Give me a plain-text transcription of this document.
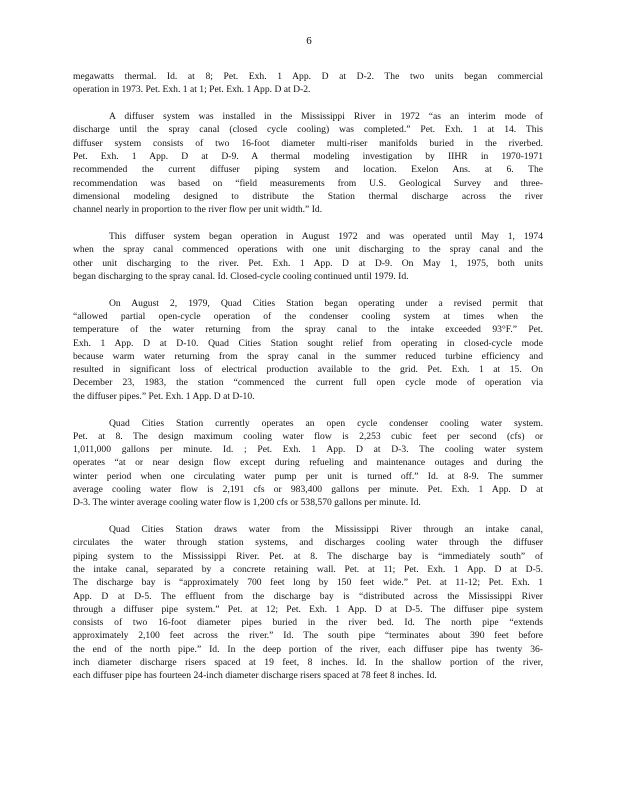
6
megawatts thermal. Id. at 8; Pet. Exh. 1 App. D at D-2. The two units began commercial
operation in 1973. Pet. Exh. 1 at 1; Pet. Exh. 1 App. D at D-2.
A diffuser system was installed in the Mississippi River in 1972 “as an interim mode of
discharge until the spray canal (closed cycle cooling) was completed.” Pet. Exh. 1 at 14. This
diffuser system consists of two 16-foot diameter multi-riser manifolds buried in the riverbed.
Pet. Exh. 1 App. D at D-9. A thermal modeling investigation by IIHR in 1970-1971
recommended the current diffuser piping system and location. Exelon Ans. at 6. The
recommendation was based on “field measurements from U.S. Geological Survey and three-
dimensional modeling designed to distribute the Station thermal discharge across the river
channel nearly in proportion to the river flow per unit width.” Id.
This diffuser system began operation in August 1972 and was operated until May 1, 1974
when the spray canal commenced operations with one unit discharging to the spray canal and the
other unit discharging to the river. Pet. Exh. 1 App. D at D-9. On May 1, 1975, both units
began discharging to the spray canal. Id. Closed-cycle cooling continued until 1979. Id.
On August 2, 1979, Quad Cities Station began operating under a revised permit that
“allowed partial open-cycle operation of the condenser cooling system at times when the
temperature of the water returning from the spray canal to the intake exceeded 93°F.” Pet.
Exh. 1 App. D at D-10. Quad Cities Station sought relief from operating in closed-cycle mode
because warm water returning from the spray canal in the summer reduced turbine efficiency and
resulted in significant loss of electrical production available to the grid. Pet. Exh. 1 at 15. On
December 23, 1983, the station “commenced the current full open cycle mode of operation via
the diffuser pipes.” Pet. Exh. 1 App. D at D-10.
Quad Cities Station currently operates an open cycle condenser cooling water system.
Pet. at 8. The design maximum cooling water flow is 2,253 cubic feet per second (cfs) or
1,011,000 gallons per minute. Id. ; Pet. Exh. 1 App. D at D-3. The cooling water system
operates “at or near design flow except during refueling and maintenance outages and during the
winter period when one circulating water pump per unit is turned off.” Id. at 8-9. The summer
average cooling water flow is 2,191 cfs or 983,400 gallons per minute. Pet. Exh. 1 App. D at
D-3. The winter average cooling water flow is 1,200 cfs or 538,570 gallons per minute. Id.
Quad Cities Station draws water from the Mississippi River through an intake canal,
circulates the water through station systems, and discharges cooling water through the diffuser
piping system to the Mississippi River. Pet. at 8. The discharge bay is “immediately south” of
the intake canal, separated by a concrete retaining wall. Pet. at 11; Pet. Exh. 1 App. D at D-5.
The discharge bay is “approximately 700 feet long by 150 feet wide.” Pet. at 11-12; Pet. Exh. 1
App. D at D-5. The effluent from the discharge bay is “distributed across the Mississippi River
through a diffuser pipe system.” Pet. at 12; Pet. Exh. 1 App. D at D-5. The diffuser pipe system
consists of two 16-foot diameter pipes buried in the river bed. Id. The north pipe “extends
approximately 2,100 feet across the river.” Id. The south pipe “terminates about 390 feet before
the end of the north pipe.” Id. In the deep portion of the river, each diffuser pipe has twenty 36-
inch diameter discharge risers spaced at 19 feet, 8 inches. Id. In the shallow portion of the river,
each diffuser pipe has fourteen 24-inch diameter discharge risers spaced at 78 feet 8 inches. Id.
